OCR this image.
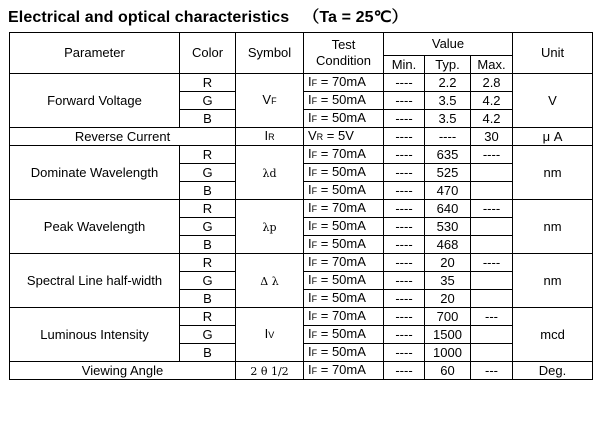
Electrical and optical characteristics （Ta = 25℃）
Parameter	Color	Symbol	Test
Condition	Value			Unit
				Min.	Typ.	Max.	
Forward Voltage	R	VF	IF = 70mA	----	2.2	2.8	V
	G		IF = 50mA	----	3.5	4.2	
	B		IF = 50mA	----	3.5	4.2	
Reverse Current		IR	VR = 5V	----	----	30	μ A
Dominate Wavelength	R	λd	IF = 70mA	----	635	----	nm
	G		IF = 50mA	----	525		
	B		IF = 50mA	----	470		
Peak Wavelength	R	λp	IF = 70mA	----	640	----	nm
	G		IF = 50mA	----	530		
	B		IF = 50mA	----	468		
Spectral Line half-width	R	Δ λ	IF = 70mA	----	20	----	nm
	G		IF = 50mA	----	35		
	B		IF = 50mA	----	20		
Luminous Intensity	R	IV	IF = 70mA	----	700	---	mcd
	G		IF = 50mA	----	1500		
	B		IF = 50mA	----	1000		
Viewing Angle		2 θ 1/2	IF = 70mA	----	60	---	Deg.
